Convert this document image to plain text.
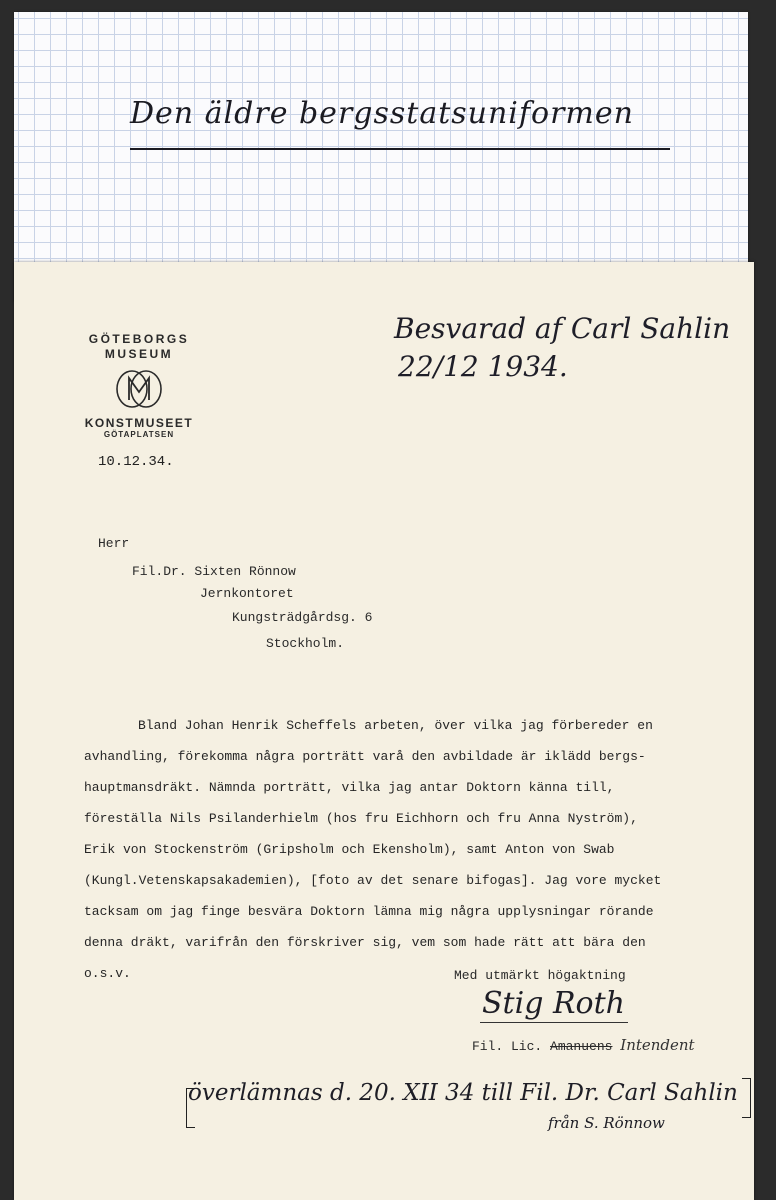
Den äldre bergsstatsuniformen
GÖTEBORGS
MUSEUM
KONSTMUSEET
GÖTAPLATSEN
10.12.34.
Besvarad af Carl Sahlin
22/12 1934.
Herr
Fil.Dr. Sixten Rönnow
Jernkontoret
Kungsträdgårdsg. 6
Stockholm.
Bland Johan Henrik Scheffels arbeten, över vilka jag förbereder en
avhandling, förekomma några porträtt varå den avbildade är iklädd bergs-
hauptmansdräkt. Nämnda porträtt, vilka jag antar Doktorn känna till,
föreställa Nils Psilanderhielm (hos fru Eichhorn och fru Anna Nyström),
Erik von Stockenström (Gripsholm och Ekensholm), samt Anton von Swab
(Kungl.Vetenskapsakademien), [foto av det senare bifogas]. Jag vore mycket
tacksam om jag finge besvära Doktorn lämna mig några upplysningar rörande
denna dräkt, varifrån den förskriver sig, vem som hade rätt att bära den
o.s.v.	Med utmärkt högaktning
Stig Roth
Fil. Lic. Amanuens Intendent
överlämnas d. 20. XII 34 till Fil. Dr. Carl Sahlin
från S. Rönnow
